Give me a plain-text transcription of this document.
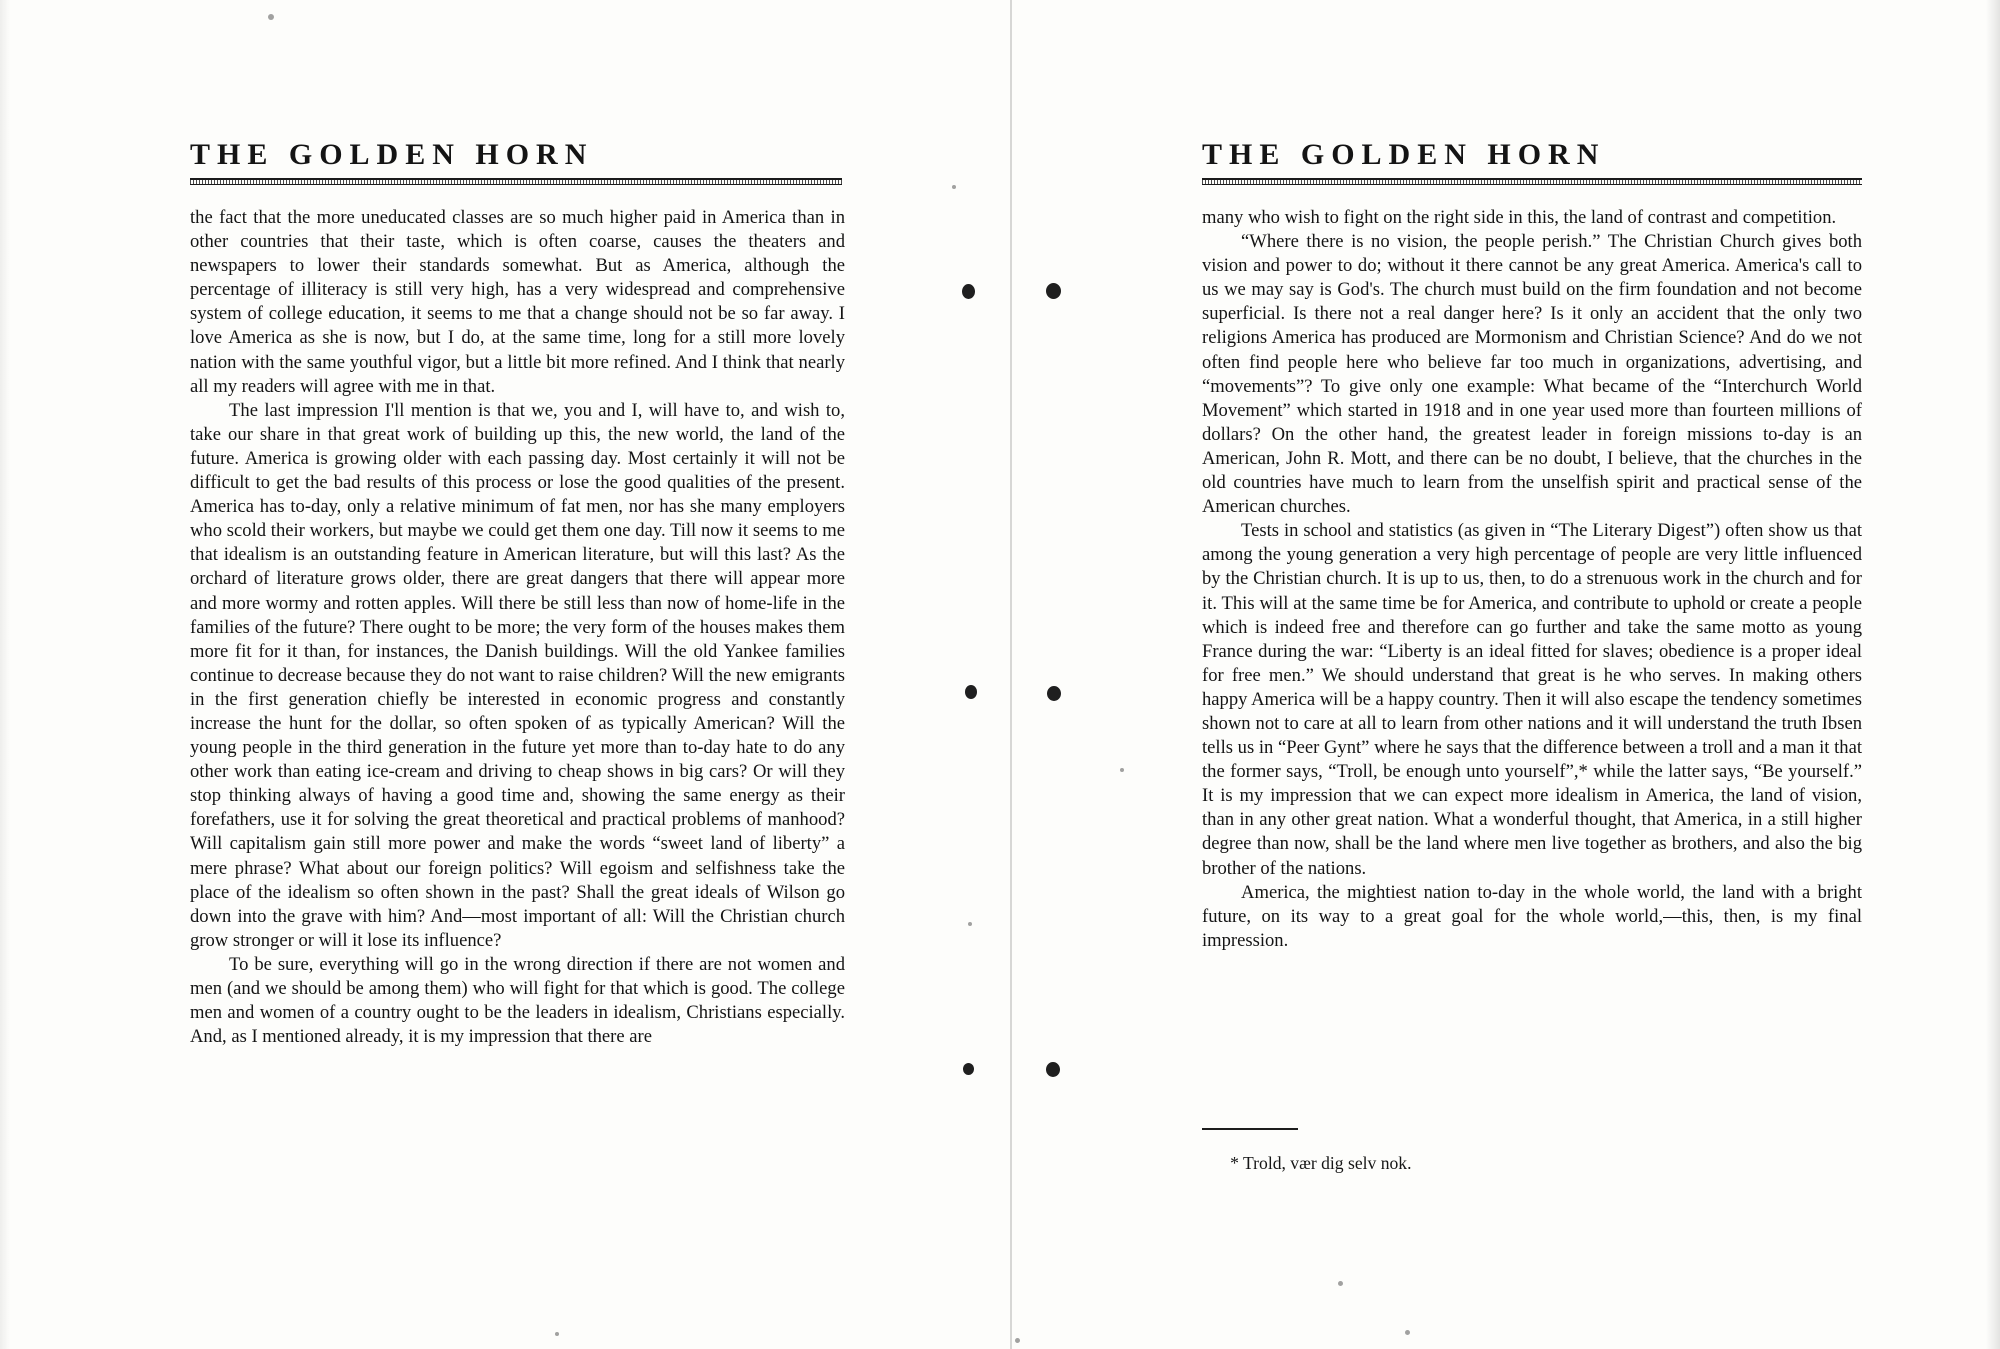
THE GOLDEN HORN

the fact that the more uneducated classes are so much higher paid in America than in other countries that their taste, which is often coarse, causes the theaters and newspapers to lower their standards somewhat. But as America, although the percentage of illiteracy is still very high, has a very widespread and comprehensive system of college education, it seems to me that a change should not be so far away. I love America as she is now, but I do, at the same time, long for a still more lovely nation with the same youthful vigor, but a little bit more refined. And I think that nearly all my readers will agree with me in that.

The last impression I'll mention is that we, you and I, will have to, and wish to, take our share in that great work of building up this, the new world, the land of the future. America is growing older with each passing day. Most certainly it will not be difficult to get the bad results of this process or lose the good qualities of the present. America has to-day, only a relative minimum of fat men, nor has she many employers who scold their workers, but maybe we could get them one day. Till now it seems to me that idealism is an outstanding feature in American literature, but will this last? As the orchard of literature grows older, there are great dangers that there will appear more and more wormy and rotten apples. Will there be still less than now of home-life in the families of the future? There ought to be more; the very form of the houses makes them more fit for it than, for instances, the Danish buildings. Will the old Yankee families continue to decrease because they do not want to raise children? Will the new emigrants in the first generation chiefly be interested in economic progress and constantly increase the hunt for the dollar, so often spoken of as typically American? Will the young people in the third generation in the future yet more than to-day hate to do any other work than eating ice-cream and driving to cheap shows in big cars? Or will they stop thinking always of having a good time and, showing the same energy as their forefathers, use it for solving the great theoretical and practical problems of manhood? Will capitalism gain still more power and make the words “sweet land of liberty” a mere phrase? What about our foreign politics? Will egoism and selfishness take the place of the idealism so often shown in the past? Shall the great ideals of Wilson go down into the grave with him? And—most important of all: Will the Christian church grow stronger or will it lose its influence?

To be sure, everything will go in the wrong direction if there are not women and men (and we should be among them) who will fight for that which is good. The college men and women of a country ought to be the leaders in idealism, Christians especially. And, as I mentioned already, it is my impression that there are

THE GOLDEN HORN

many who wish to fight on the right side in this, the land of contrast and competition.

“Where there is no vision, the people perish.” The Christian Church gives both vision and power to do; without it there cannot be any great America. America's call to us we may say is God's. The church must build on the firm foundation and not become superficial. Is there not a real danger here? Is it only an accident that the only two religions America has produced are Mormonism and Christian Science? And do we not often find people here who believe far too much in organizations, advertising, and “movements”? To give only one example: What became of the “Interchurch World Movement” which started in 1918 and in one year used more than fourteen millions of dollars? On the other hand, the greatest leader in foreign missions to-day is an American, John R. Mott, and there can be no doubt, I believe, that the churches in the old countries have much to learn from the unselfish spirit and practical sense of the American churches.

Tests in school and statistics (as given in “The Literary Digest”) often show us that among the young generation a very high percentage of people are very little influenced by the Christian church. It is up to us, then, to do a strenuous work in the church and for it. This will at the same time be for America, and contribute to uphold or create a people which is indeed free and therefore can go further and take the same motto as young France during the war: “Liberty is an ideal fitted for slaves; obedience is a proper ideal for free men.” We should understand that great is he who serves. In making others happy America will be a happy country. Then it will also escape the tendency sometimes shown not to care at all to learn from other nations and it will understand the truth Ibsen tells us in “Peer Gynt” where he says that the difference between a troll and a man it that the former says, “Troll, be enough unto yourself”,* while the latter says, “Be yourself.” It is my impression that we can expect more idealism in America, the land of vision, than in any other great nation. What a wonderful thought, that America, in a still higher degree than now, shall be the land where men live together as brothers, and also the big brother of the nations.

America, the mightiest nation to-day in the whole world, the land with a bright future, on its way to a great goal for the whole world,—this, then, is my final impression.

* Trold, vær dig selv nok.
